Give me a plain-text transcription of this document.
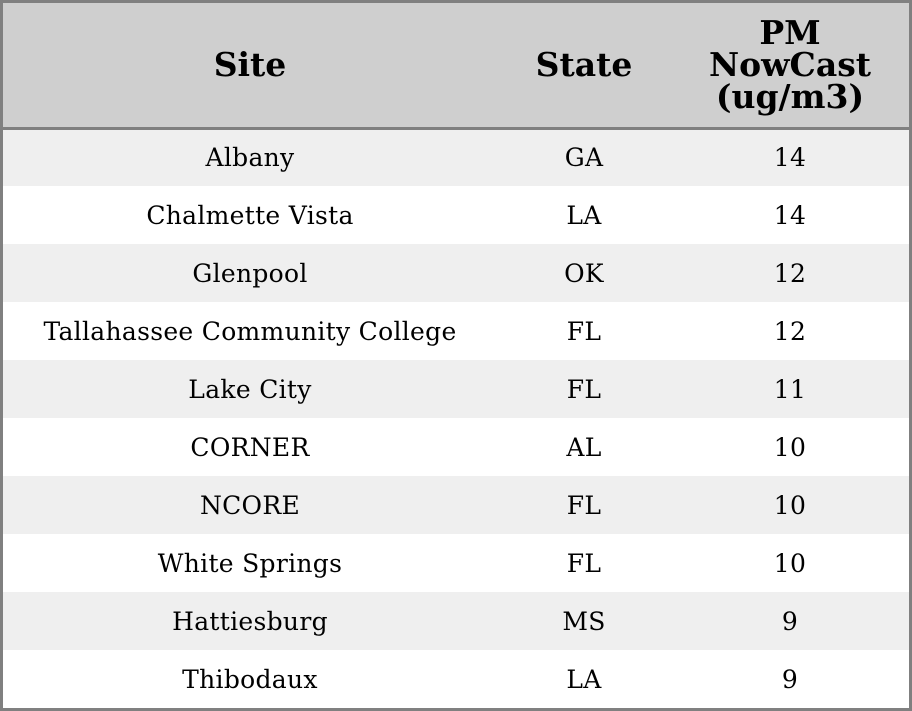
Site	State	PM
NowCast
(ug/m3)
Albany	GA	14
Chalmette Vista	LA	14
Glenpool	OK	12
Tallahassee Community College	FL	12
Lake City	FL	11
CORNER	AL	10
NCORE	FL	10
White Springs	FL	10
Hattiesburg	MS	9
Thibodaux	LA	9
